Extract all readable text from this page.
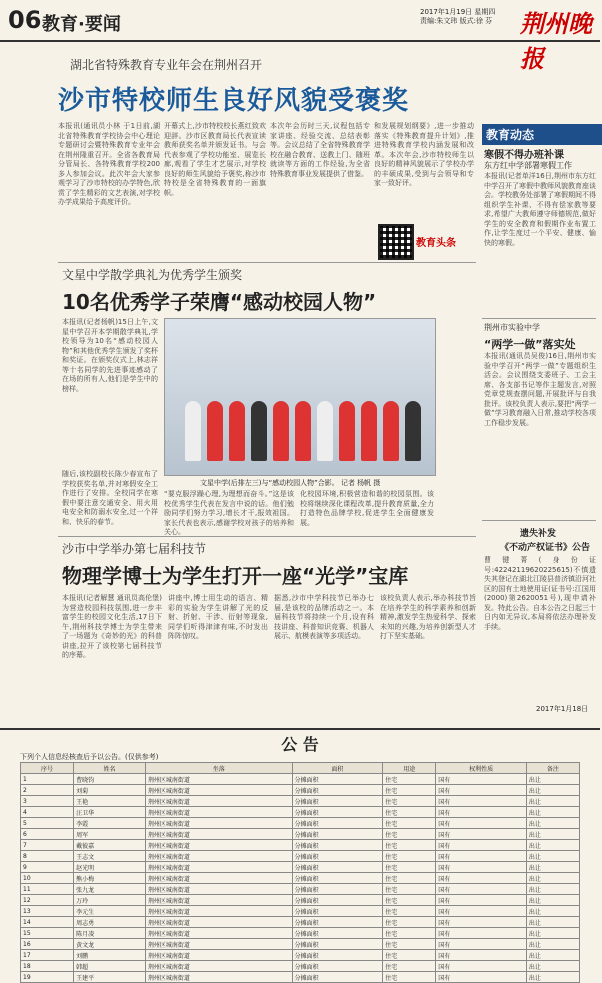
06 教育·要闻
2017年1月19日 星期四
责编:朱文玮 版式:徐 芬	荆州晚报
湖北省特殊教育专业年会在荆州召开
沙市特校师生良好风貌受褒奖
本报讯(通讯员小林 于1日前,湖北省特殊教育学校协会中心理论专题研讨会暨特殊教育专业年会在荆州隆重召开。全省各教育局分管局长、各特殊教育学校200多人参加会议。此次年会大家参观学习了沙市特校的办学特色,欣赏了学生精彩的文艺表演,对学校办学成果给予高度评价。
开幕式上,沙市特校校长燕红致欢迎辞。沙市区教育局长代表宣读教师获奖名单并颁发证书。与会代表参观了学校功能室、展览长廊,观看了学生才艺展示,对学校良好的师生风貌给予褒奖,称沙市特校是全省特殊教育的一面旗帜。
本次年会历时三天,议程包括专家讲座、经验交流、总结表彰等。会议总结了全省特殊教育学校在融合教育、送教上门、随班就读等方面的工作经验,为全省特殊教育事业发展提供了借鉴。
和发展规划纲要》,进一步推动落实《特殊教育提升计划》,推进特殊教育学校内涵发展和改革。本次年会,沙市特校师生以良好的精神风貌展示了学校办学的丰硕成果,受到与会领导和专家一致好评。
教育头条
教育动态
寒假不得办班补课
东方红中学部署寒假工作
本报讯(记者单洋16日,荆州市东方红中学召开了寒假中教师风貌教育座谈会。学校教务处部署了寒假期间不得组织学生补课、不得有偿家教等要求,希望广大教师遵守师德规范,做好学生的安全教育和假期作业布置工作,让学生度过一个平安、健康、愉快的寒假。
荆州市实验中学
“两学一做”落实处
本报讯(通讯员吴俊)16日,荆州市实验中学召开“两学一做”专题组织生活会。会议围绕支委班子、工会主席、各支部书记等作主题发言,对照党章党规查摆问题,开展批评与自我批评。该校负责人表示,要把“两学一做”学习教育融入日常,推动学校各项工作稳步发展。
遗失补发
《不动产权证书》公告
曹键菁(身份证号:42242119620225615)不慎遗失其登记在湖北江陵县普济镇沿河社区的国有土地使用证(证书号:江国用(2000)第2620051号),现申请补发。特此公告。自本公告之日起三十日内如无异议,本局将依法办理补发手续。
2017年1月18日
文星中学散学典礼为优秀学生颁奖
10名优秀学子荣膺“感动校园人物”
本报讯(记者杨帆)15日上午,文星中学召开本学期散学典礼,学校领导为10名“感动校园人物”和其他优秀学生颁发了奖杯和奖证。在颁奖仪式上,林志祥等十名同学的先进事迹感动了在场的所有人,他们是学生中的榜样。
随后,该校副校长陈少春宣布了学校获奖名单,并对寒假安全工作进行了安排。全校同学在寒假中要注意交通安全、用火用电安全和防溺水安全,过一个祥和、快乐的春节。
文星中学(后排左三)与“感动校园人物”合影。 记者 杨帆 摄
“要克服浮躁心理,为理想而奋斗。”这是该校优秀学生代表在发言中说的话。他们勉励同学们努力学习,增长才干,报效祖国。家长代表也表示,感谢学校对孩子的培养和关心。
化校园环境,积极营造和谐的校园氛围。该校将继续深化课程改革,提升教育质量,全力打造特色品牌学校,促进学生全面健康发展。
沙市中学举办第七届科技节
物理学博士为学生打开一座“光学”宝库
本报讯(记者解慧 通讯员高伦堡)为营造校园科技氛围,进一步丰富学生的校园文化生活,17日下午,荆州科技学博士为学生带来了一场题为《奇妙的光》的科普讲座,拉开了该校第七届科技节的序幕。
讲座中,博士用生动的语言、精彩的实验为学生讲解了光的反射、折射、干涉、衍射等现象,同学们听得津津有味,不时发出阵阵惊叹。
据悉,沙市中学科技节已举办七届,是该校的品牌活动之一。本届科技节将持续一个月,设有科技讲座、科普知识竞赛、机器人展示、航模表演等多项活动。
该校负责人表示,举办科技节旨在培养学生的科学素养和创新精神,激发学生热爱科学、探索未知的兴趣,为培养创新型人才打下坚实基础。
公 告
下列个人信息经核查后予以公告。(仅供参考)
序号	姓名	坐落	面积	用途	权利性质	备注
1	曹晓钧	荆州区城南街道	分摊面积	住宅	国有	出让
2	刘菊	荆州区城南街道	分摊面积	住宅	国有	出让
3	王艳	荆州区城南街道	分摊面积	住宅	国有	出让
4	汪卫华	荆州区城南街道	分摊面积	住宅	国有	出让
5	李霞	荆州区城南街道	分摊面积	住宅	国有	出让
6	周军	荆州区城南街道	分摊面积	住宅	国有	出让
7	戴彼嘉	荆州区城南街道	分摊面积	住宅	国有	出让
8	王志文	荆州区城南街道	分摊面积	住宅	国有	出让
9	赵光明	荆州区城南街道	分摊面积	住宅	国有	出让
10	熊小梅	荆州区城南街道	分摊面积	住宅	国有	出让
11	张九龙	荆州区城南街道	分摊面积	住宅	国有	出让
12	万玲	荆州区城南街道	分摊面积	住宅	国有	出让
13	李元生	荆州区城南街道	分摊面积	住宅	国有	出让
14	周志勇	荆州区城南街道	分摊面积	住宅	国有	出让
15	陈月凌	荆州区城南街道	分摊面积	住宅	国有	出让
16	黄文龙	荆州区城南街道	分摊面积	住宅	国有	出让
17	刘鹏	荆州区城南街道	分摊面积	住宅	国有	出让
18	韩超	荆州区城南街道	分摊面积	住宅	国有	出让
19	王建平	荆州区城南街道	分摊面积	住宅	国有	出让
